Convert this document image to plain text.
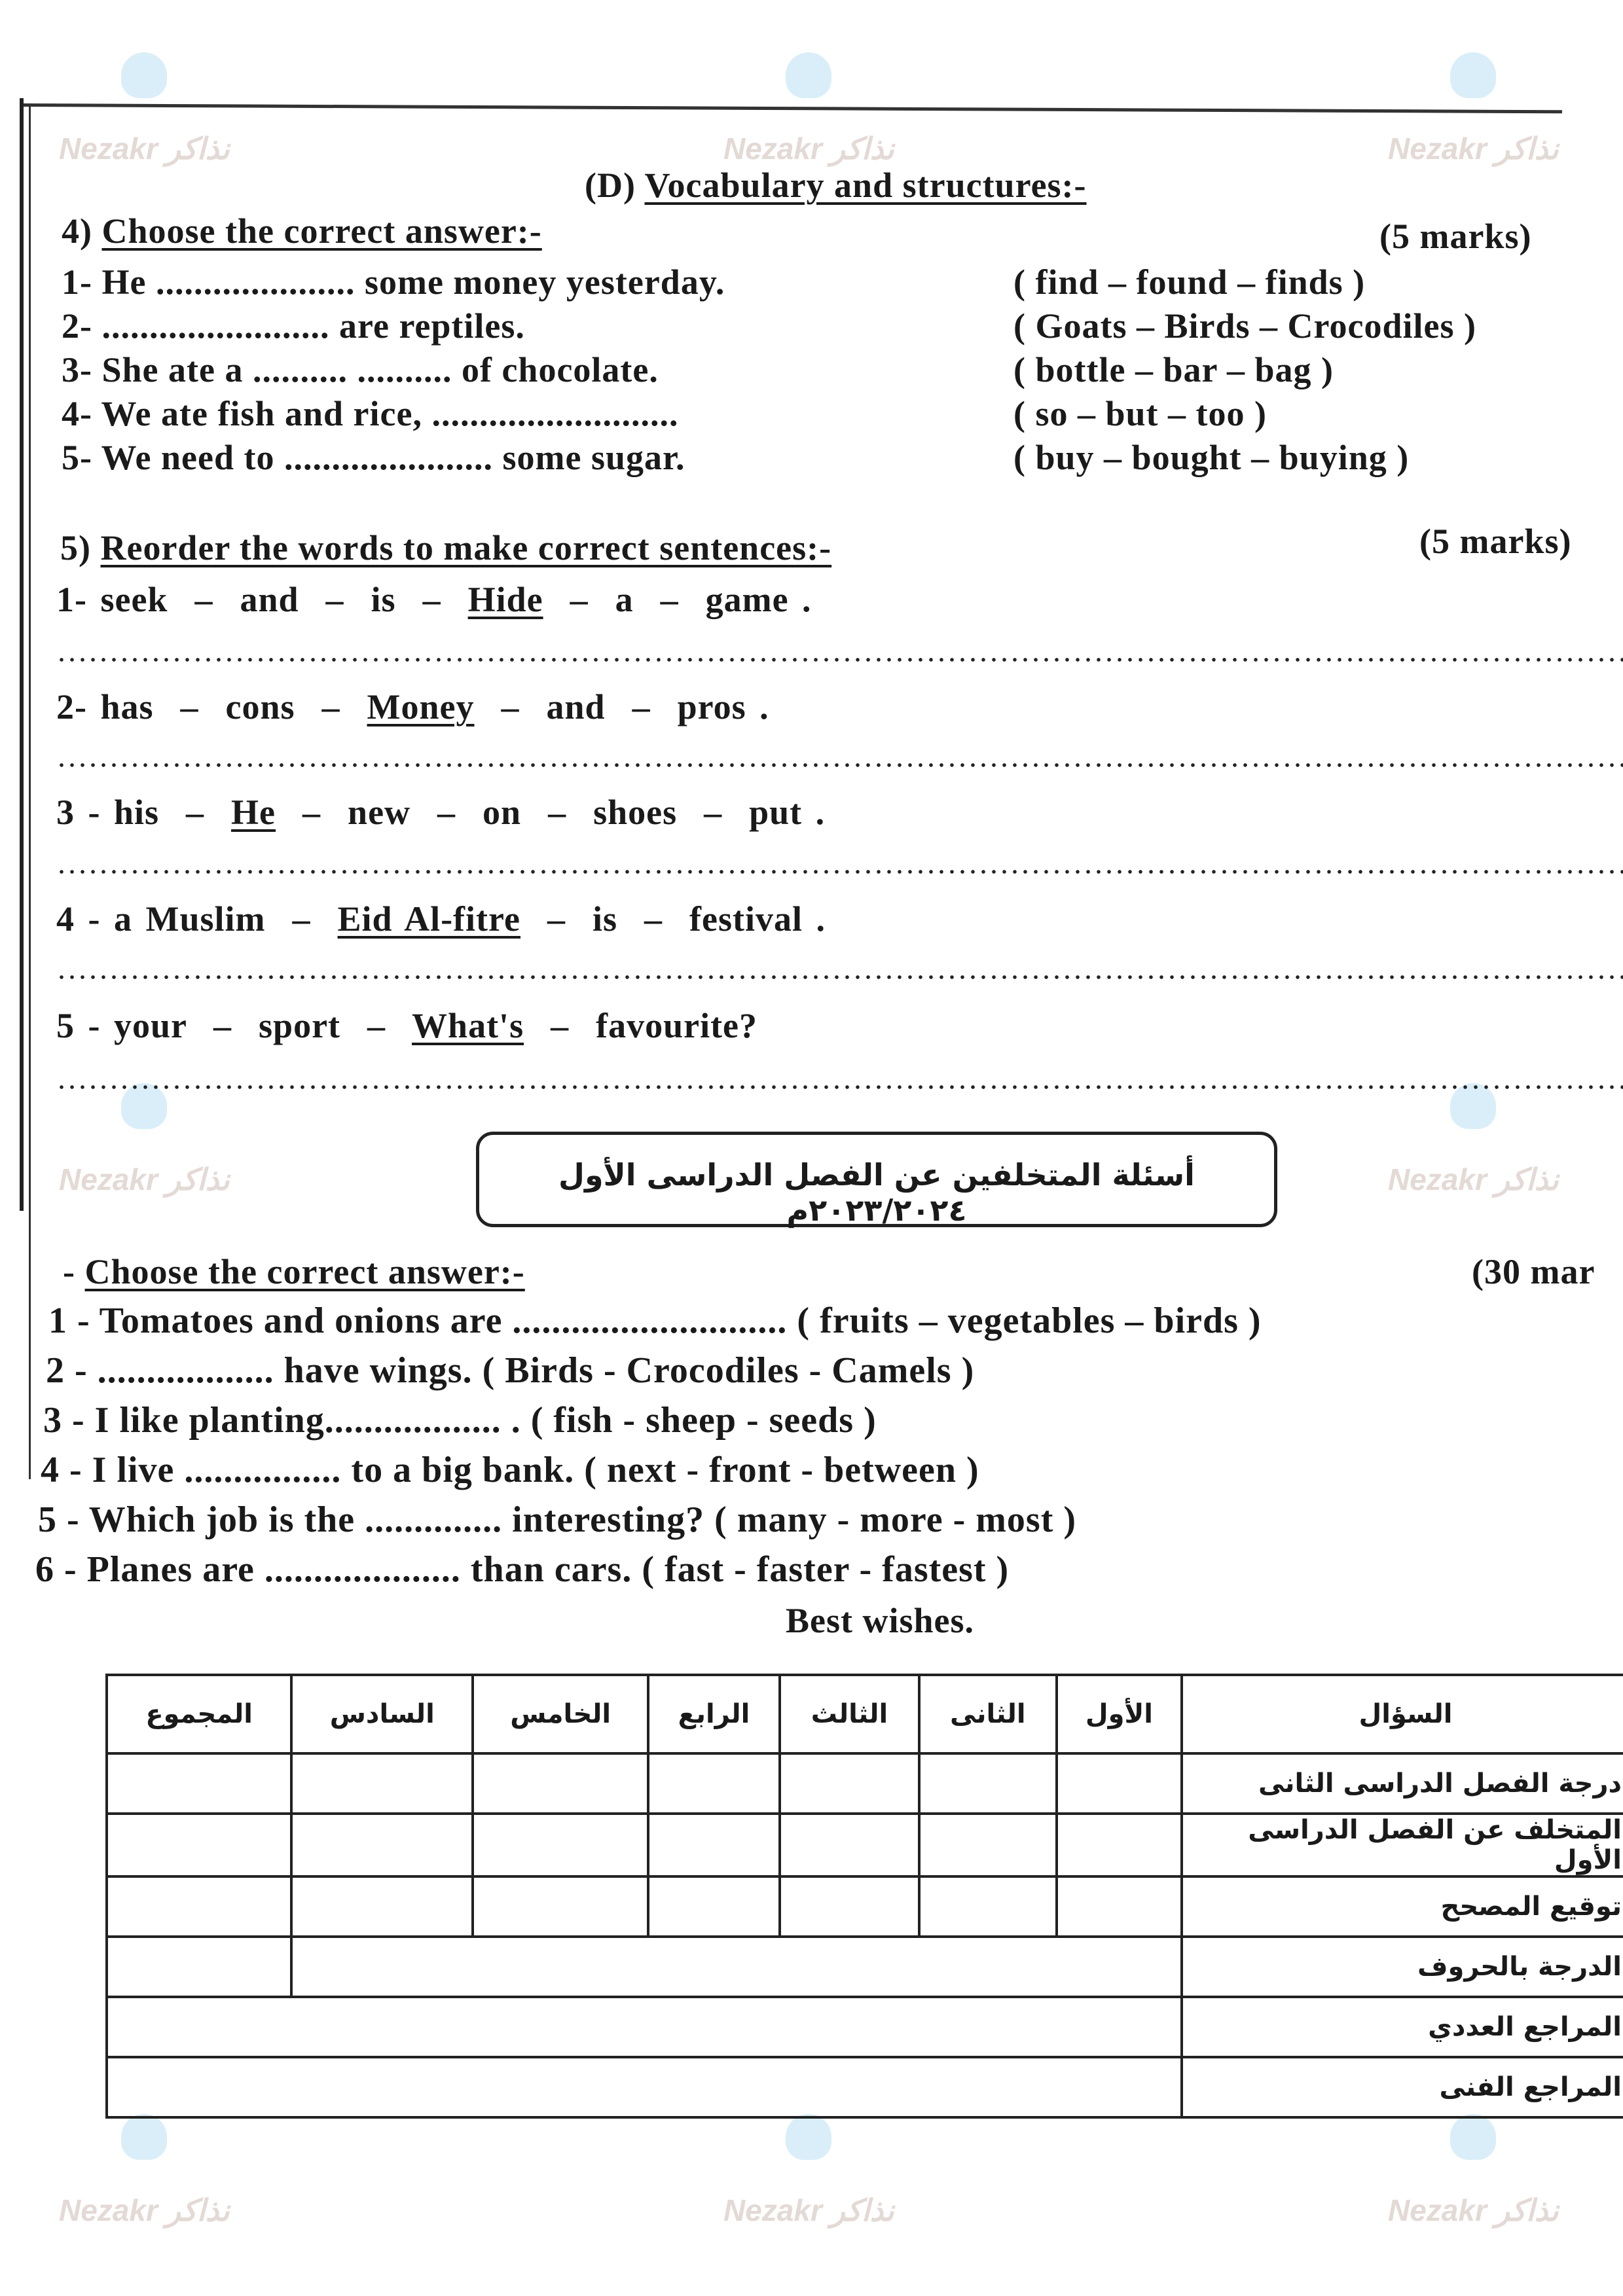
Nezakr نذاكر	Nezakr نذاكر	Nezakr نذاكر
Nezakr نذاكر	Nezakr نذاكر
Nezakr نذاكر	Nezakr نذاكر	Nezakr نذاكر
(D) Vocabulary and structures:-
4) Choose the correct answer:-	(5 marks)
1- He ..................... some money yesterday.	( find – found – finds )
2- ........................ are reptiles.	( Goats – Birds – Crocodiles )
3- She ate a .......... .......... of chocolate.	( bottle – bar – bag )
4- We ate fish and rice, ..........................	( so – but – too )
5- We need to ...................... some sugar.	( buy – bought – buying )
5) Reorder the words to make correct sentences:-	(5 marks)
1- seek  –  and  –  is  –  Hide  –  a  –  game .
2- has  –  cons  –  Money  –  and  –  pros .
3 - his  –  He  –  new  –  on  –  shoes  –  put .
4 - a Muslim  –  Eid Al-fitre  –  is  –  festival .
5 - your  –  sport  –  What's  –  favourite?
أسئلة المتخلفين عن الفصل الدراسى الأول ٢٠٢٣/٢٠٢٤م
- Choose the correct answer:-	(30 mar
1 - Tomatoes and onions are ............................ ( fruits – vegetables – birds )
2 - .................. have wings. ( Birds - Crocodiles - Camels )
3 - I like planting.................. . ( fish - sheep - seeds )
4 - I live ................ to a big bank. ( next - front - between )
5 - Which job is the .............. interesting? ( many - more - most )
6 - Planes are .................... than cars. ( fast - faster - fastest )
Best wishes.
السؤال	الأول	الثانى	الثالث	الرابع	الخامس	السادس	المجموع
درجة الفصل الدراسى الثانى							
المتخلف عن الفصل الدراسى الأول							
توقيع المصحح							
الدرجة بالحروف							
المراجع العددي							
المراجع الفنى							
